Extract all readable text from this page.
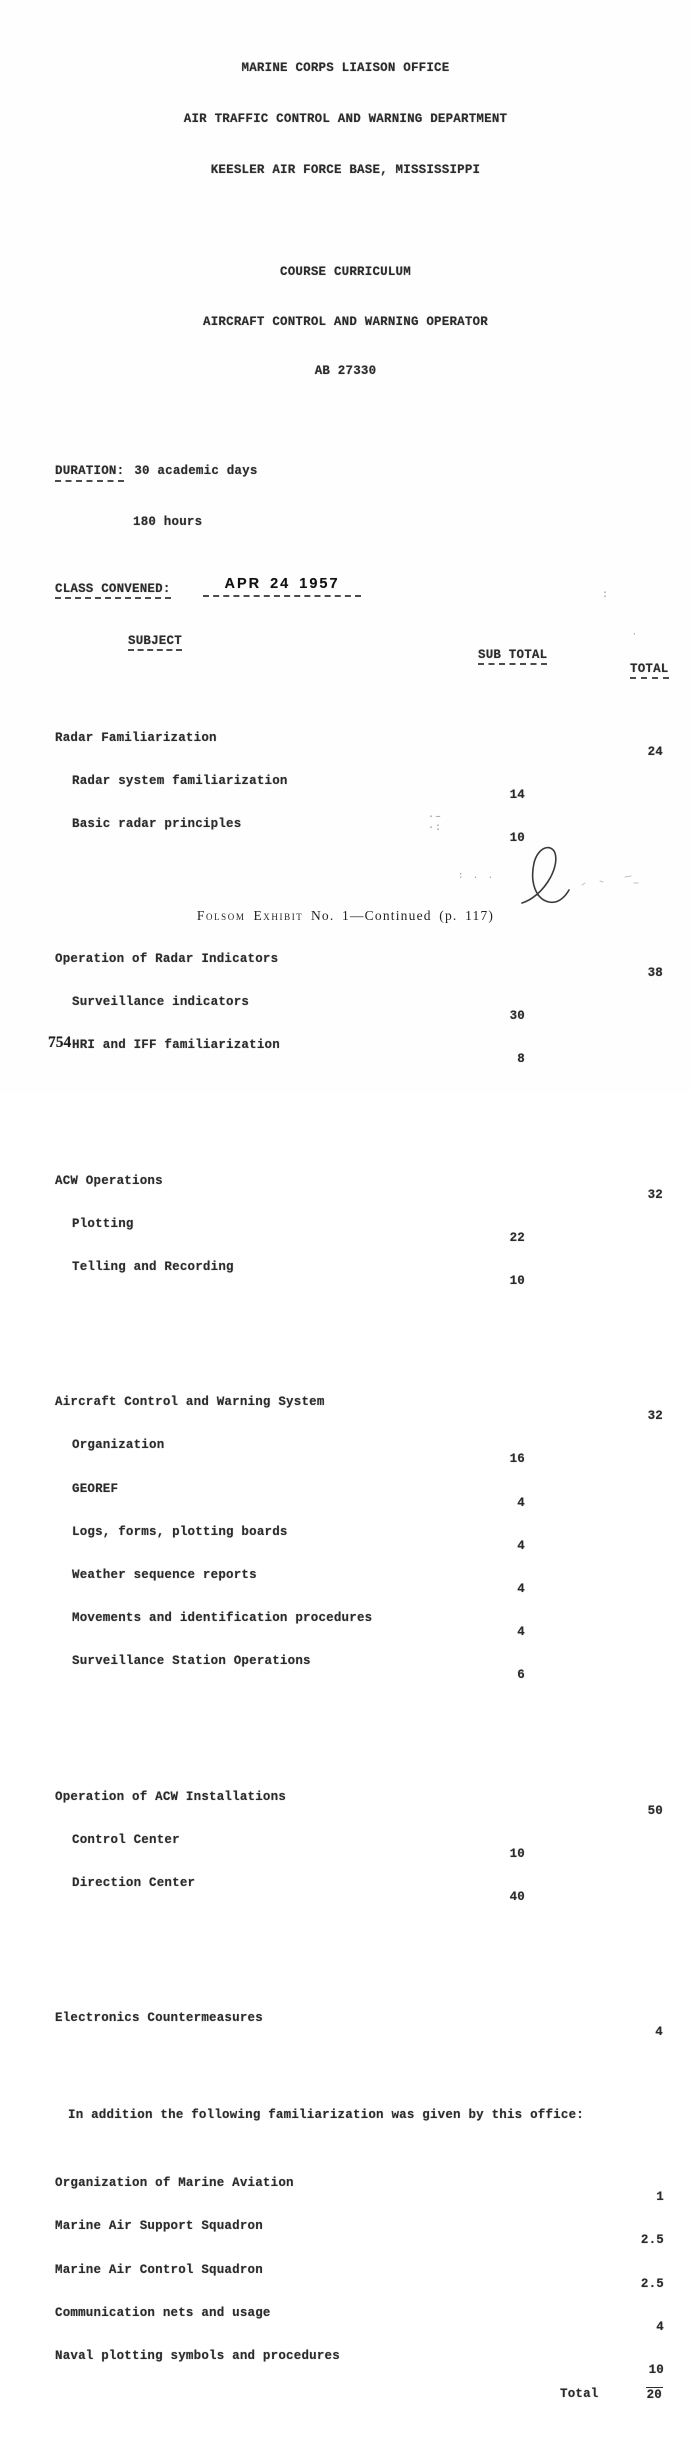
MARINE CORPS LIAISON OFFICE

AIR TRAFFIC CONTROL AND WARNING DEPARTMENT

KEESLER AIR FORCE BASE, MISSISSIPPI

COURSE CURRICULUM

AIRCRAFT CONTROL AND WARNING OPERATOR

AB 27330

DURATION: 30 academic days

180 hours

CLASS CONVENED:

	APR 24 1957

SUBJECT

SUB TOTAL

TOTAL

Radar Familiarization

24

Radar system familiarization

14

Basic radar principles

10

Operation of Radar Indicators

38

Surveillance indicators

30

HRI and IFF familiarization

8

ACW Operations

32

Plotting

22

Telling and Recording

10

Aircraft Control and Warning System

32

Organization

16

GEOREF

4

Logs, forms, plotting boards

4

Weather sequence reports

4

Movements and identification procedures

4

Surveillance Station Operations

6

Operation of ACW Installations

50

Control Center

10

Direction Center

40

Electronics Countermeasures

4

In addition the following familiarization was given by this office:

Organization of Marine Aviation

1

Marine Air Support Squadron

2.5

Marine Air Control Squadron

2.5

Communication nets and usage

4

Naval plotting symbols and procedures

10

Total

	20

·–
·:
:
·
: . .
Folsom Exhibit No. 1—Continued (p. 117)
754
